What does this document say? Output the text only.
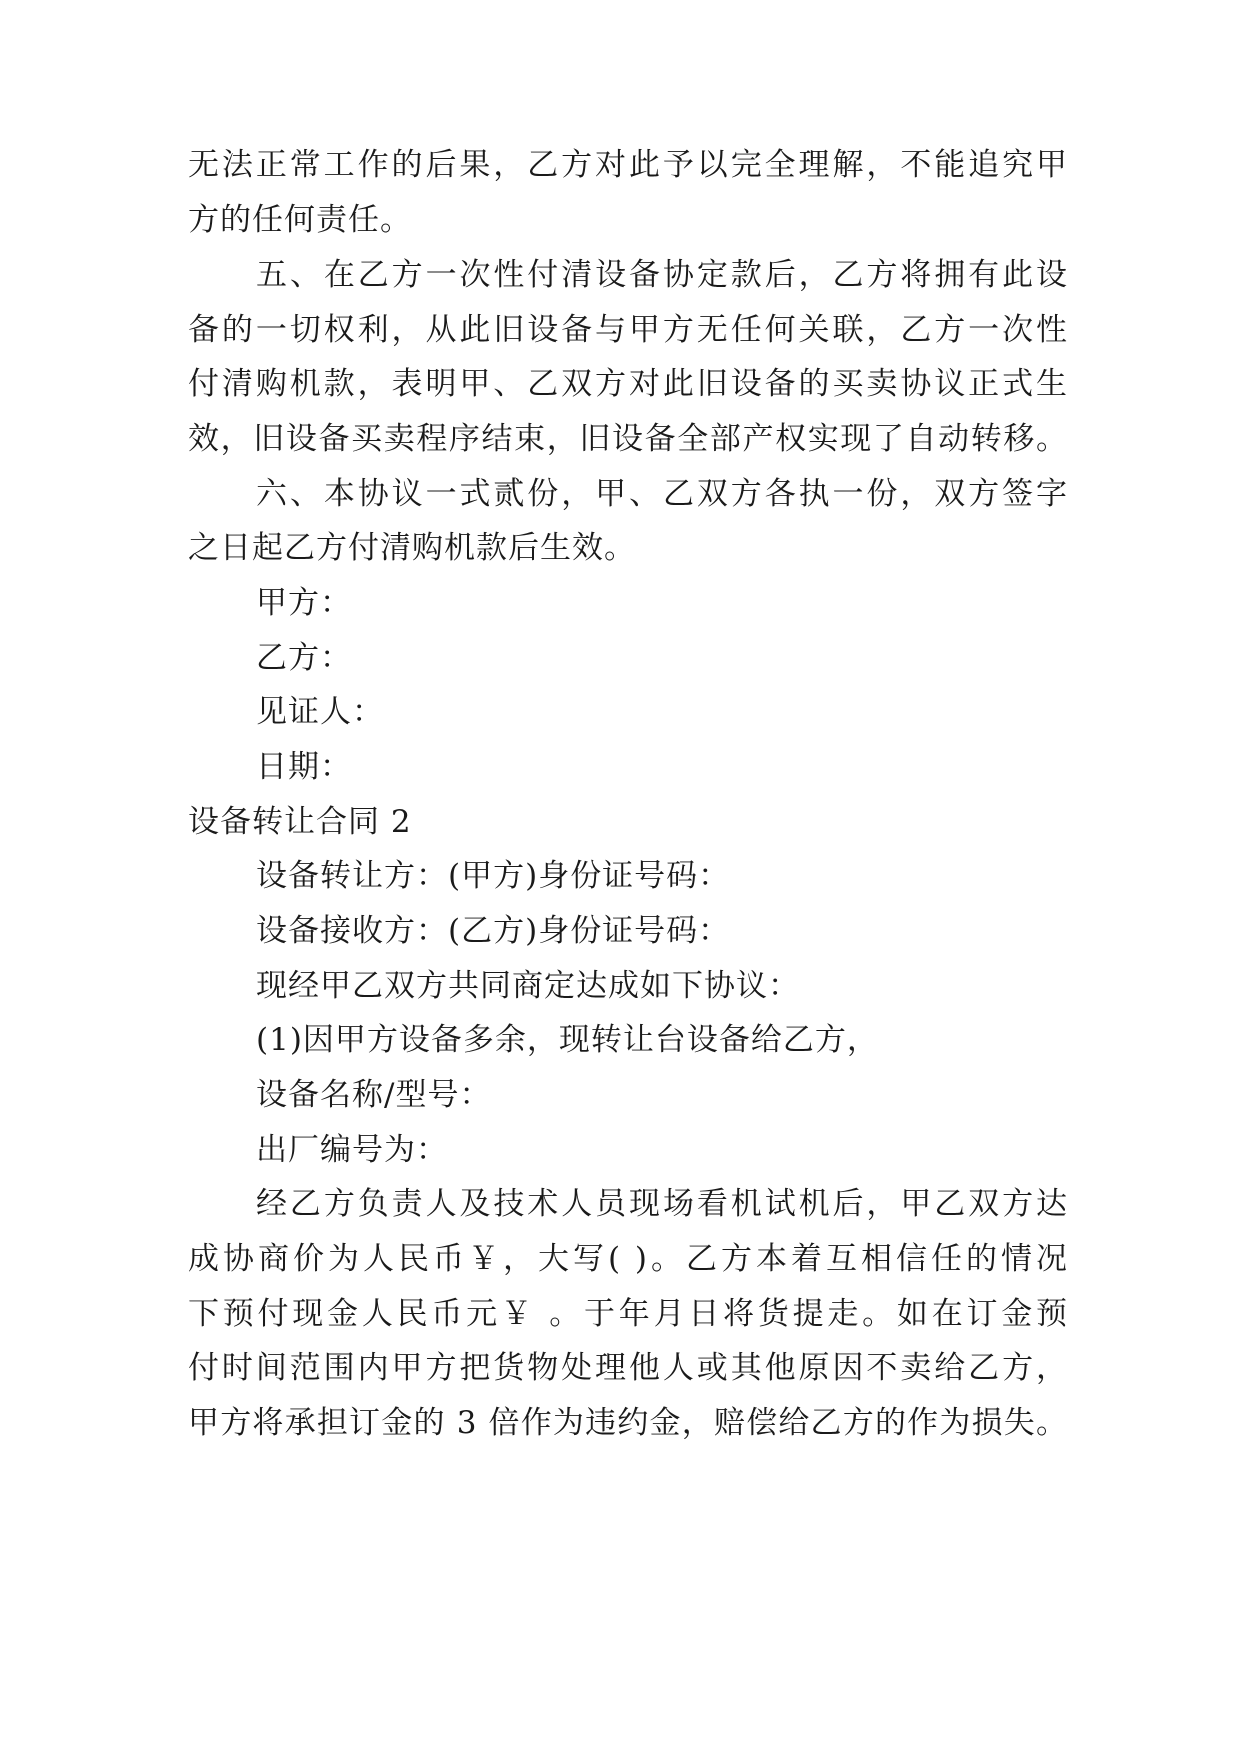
无法正常工作的后果，乙方对此予以完全理解，不能追究甲
方的任何责任。
五、在乙方一次性付清设备协定款后，乙方将拥有此设
备的一切权利，从此旧设备与甲方无任何关联，乙方一次性
付清购机款，表明甲、乙双方对此旧设备的买卖协议正式生
效，旧设备买卖程序结束，旧设备全部产权实现了自动转移。
六、本协议一式贰份，甲、乙双方各执一份，双方签字
之日起乙方付清购机款后生效。
甲方：
乙方：
见证人：
日期：
设备转让合同 2
设备转让方：(甲方)身份证号码：
设备接收方：(乙方)身份证号码：
现经甲乙双方共同商定达成如下协议：
(1)因甲方设备多余，现转让台设备给乙方，
设备名称/型号：
出厂编号为：
经乙方负责人及技术人员现场看机试机后，甲乙双方达
成协商价为人民币￥，大写( )。乙方本着互相信任的情况
下预付现金人民币元￥ 。于年月日将货提走。如在订金预
付时间范围内甲方把货物处理他人或其他原因不卖给乙方，
甲方将承担订金的 3 倍作为违约金，赔偿给乙方的作为损失。
